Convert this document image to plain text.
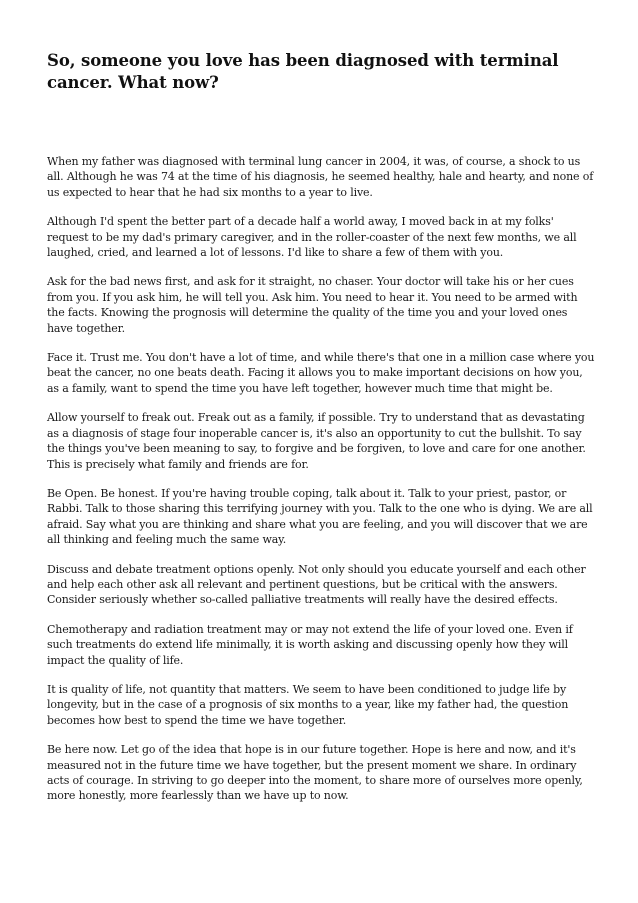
So, someone you love has been diagnosed with terminal cancer. What now?

When my father was diagnosed with terminal lung cancer in 2004, it was, of course, a shock to us all. Although he was 74 at the time of his diagnosis, he seemed healthy, hale and hearty, and none of us expected to hear that he had six months to a year to live.

Although I'd spent the better part of a decade half a world away, I moved back in at my folks' request to be my dad's primary caregiver, and in the roller-coaster of the next few months, we all laughed, cried, and learned a lot of lessons. I'd like to share a few of them with you.

Ask for the bad news first, and ask for it straight, no chaser. Your doctor will take his or her cues from you. If you ask him, he will tell you. Ask him. You need to hear it. You need to be armed with the facts. Knowing the prognosis will determine the quality of the time you and your loved ones have together.

Face it. Trust me. You don't have a lot of time, and while there's that one in a million case where you beat the cancer, no one beats death. Facing it allows you to make important decisions on how you, as a family, want to spend the time you have left together, however much time that might be.

Allow yourself to freak out. Freak out as a family, if possible. Try to understand that as devastating as a diagnosis of stage four inoperable cancer is, it's also an opportunity to cut the bullshit. To say the things you've been meaning to say, to forgive and be forgiven, to love and care for one another. This is precisely what family and friends are for.

Be Open. Be honest. If you're having trouble coping, talk about it. Talk to your priest, pastor, or Rabbi. Talk to those sharing this terrifying journey with you. Talk to the one who is dying. We are all afraid. Say what you are thinking and share what you are feeling, and you will discover that we are all thinking and feeling much the same way.

Discuss and debate treatment options openly. Not only should you educate yourself and each other and help each other ask all relevant and pertinent questions, but be critical with the answers. Consider seriously whether so-called palliative treatments will really have the desired effects.

Chemotherapy and radiation treatment may or may not extend the life of your loved one. Even if such treatments do extend life minimally, it is worth asking and discussing openly how they will impact the quality of life.

It is quality of life, not quantity that matters. We seem to have been conditioned to judge life by longevity, but in the case of a prognosis of six months to a year, like my father had, the question becomes how best to spend the time we have together.

Be here now. Let go of the idea that hope is in our future together. Hope is here and now, and it's measured not in the future time we have together, but the present moment we share. In ordinary acts of courage. In striving to go deeper into the moment, to share more of ourselves more openly, more honestly, more fearlessly than we have up to now.
